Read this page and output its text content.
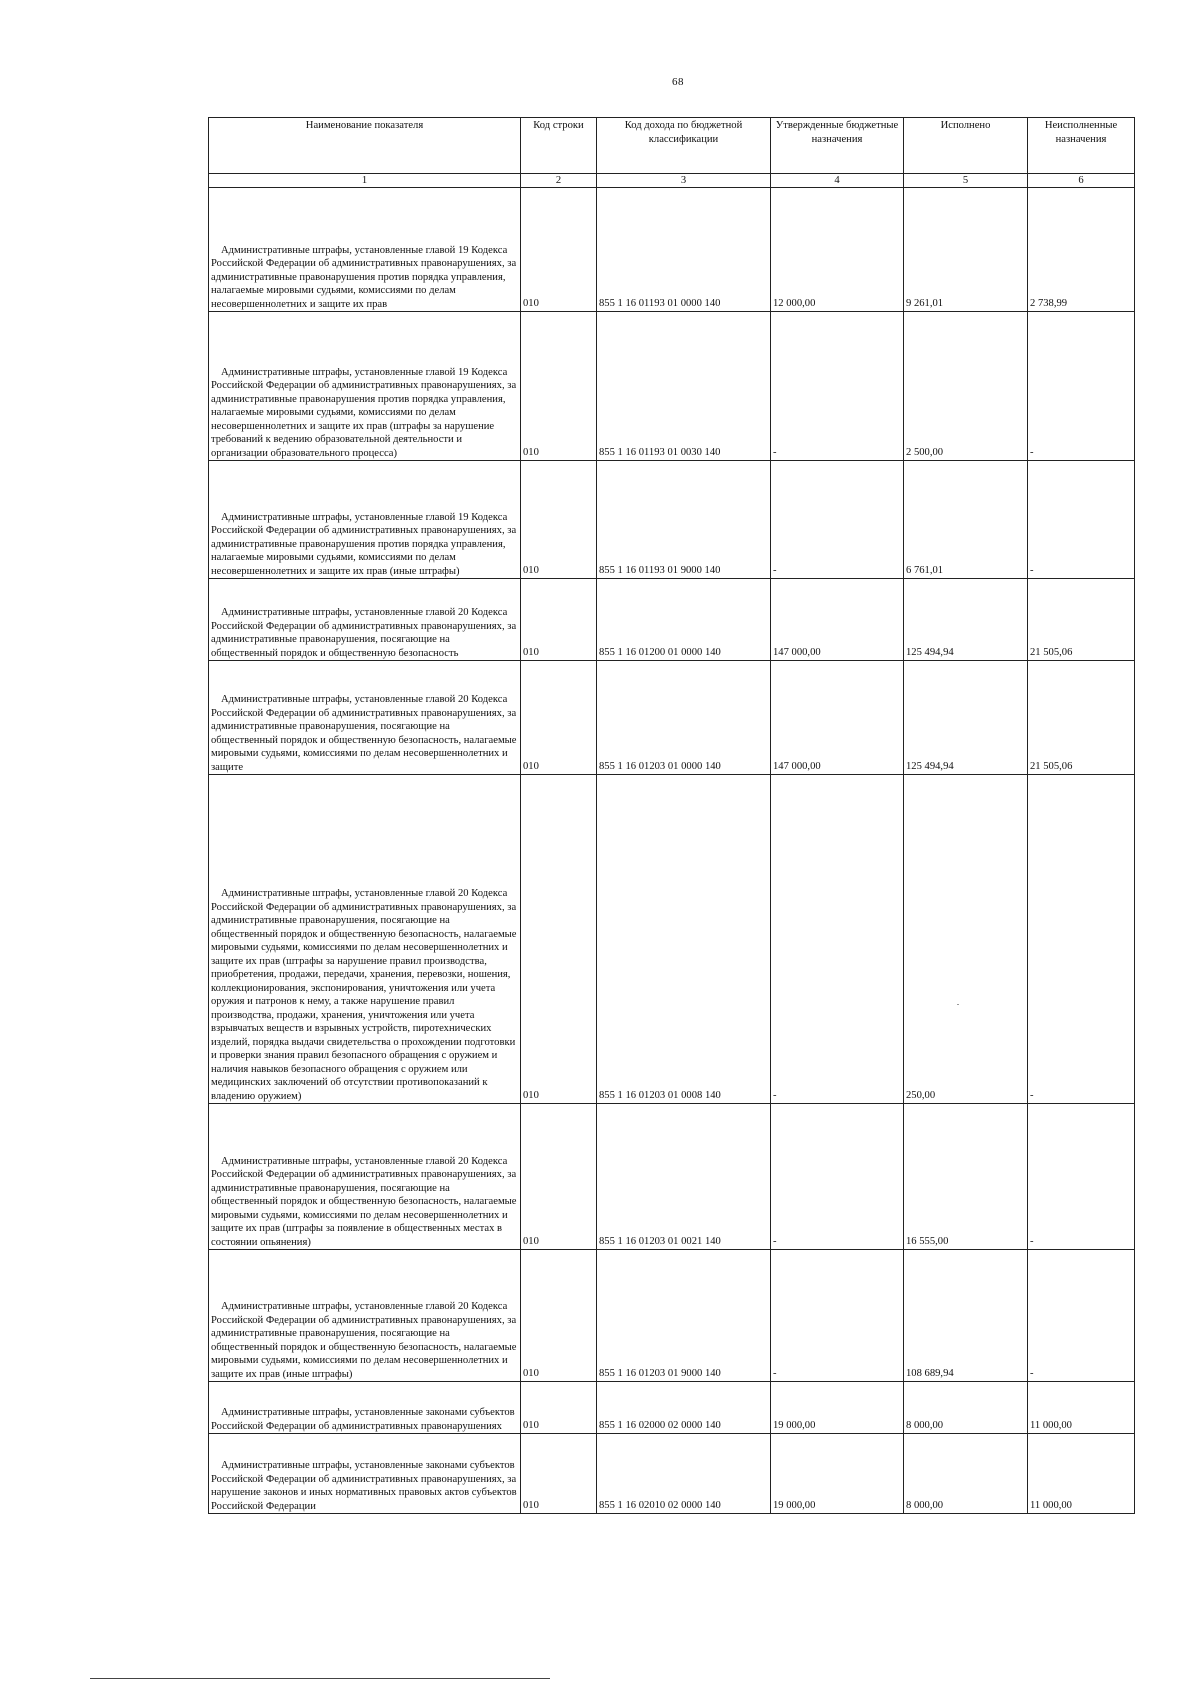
68
Наименование показателя	Код строки	Код дохода по бюджетной классификации	Утвержденные бюджетные назначения	Исполнено	Неисполненные назначения
1	2	3	4	5	6
Административные штрафы, установленные главой 19 Кодекса Российской Федерации об административных правонарушениях, за административные правонарушения против порядка управления, налагаемые мировыми судьями, комиссиями по делам несовершеннолетних и защите их прав	010	855 1 16 01193 01 0000 140	12 000,00	9 261,01	2 738,99
Административные штрафы, установленные главой 19 Кодекса Российской Федерации об административных правонарушениях, за административные правонарушения против порядка управления, налагаемые мировыми судьями, комиссиями по делам несовершеннолетних и защите их прав (штрафы за нарушение требований к ведению образовательной деятельности и организации образовательного процесса)	010	855 1 16 01193 01 0030 140	-	2 500,00	-
Административные штрафы, установленные главой 19 Кодекса Российской Федерации об административных правонарушениях, за административные правонарушения против порядка управления, налагаемые мировыми судьями, комиссиями по делам несовершеннолетних и защите их прав (иные штрафы)	010	855 1 16 01193 01 9000 140	-	6 761,01	-
Административные штрафы, установленные главой 20 Кодекса Российской Федерации об административных правонарушениях, за административные правонарушения, посягающие на общественный порядок и общественную безопасность	010	855 1 16 01200 01 0000 140	147 000,00	125 494,94	21 505,06
Административные штрафы, установленные главой 20 Кодекса Российской Федерации об административных правонарушениях, за административные правонарушения, посягающие на общественный порядок и общественную безопасность, налагаемые мировыми судьями, комиссиями по делам несовершеннолетних и защите	010	855 1 16 01203 01 0000 140	147 000,00	125 494,94	21 505,06
Административные штрафы, установленные главой 20 Кодекса Российской Федерации об административных правонарушениях, за административные правонарушения, посягающие на общественный порядок и общественную безопасность, налагаемые мировыми судьями, комиссиями по делам несовершеннолетних и защите их прав (штрафы за нарушение правил производства, приобретения, продажи, передачи, хранения, перевозки, ношения, коллекционирования, экспонирования, уничтожения или учета оружия и патронов к нему, а также нарушение правил производства, продажи, хранения, уничтожения или учета взрывчатых веществ и взрывных устройств, пиротехнических изделий, порядка выдачи свидетельства о прохождении подготовки и проверки знания правил безопасного обращения с оружием и наличия навыков безопасного обращения с оружием или медицинских заключений об отсутствии противопоказаний к владению оружием)	010	855 1 16 01203 01 0008 140	-	250,00	-
Административные штрафы, установленные главой 20 Кодекса Российской Федерации об административных правонарушениях, за административные правонарушения, посягающие на общественный порядок и общественную безопасность, налагаемые мировыми судьями, комиссиями по делам несовершеннолетних и защите их прав (штрафы за появление в общественных местах в состоянии опьянения)	010	855 1 16 01203 01 0021 140	-	16 555,00	-
Административные штрафы, установленные главой 20 Кодекса Российской Федерации об административных правонарушениях, за административные правонарушения, посягающие на общественный порядок и общественную безопасность, налагаемые мировыми судьями, комиссиями по делам несовершеннолетних и защите их прав (иные штрафы)	010	855 1 16 01203 01 9000 140	-	108 689,94	-
Административные штрафы, установленные законами субъектов Российской Федерации об административных правонарушениях	010	855 1 16 02000 02 0000 140	19 000,00	8 000,00	11 000,00
Административные штрафы, установленные законами субъектов Российской Федерации об административных правонарушениях, за нарушение законов и иных нормативных правовых актов субъектов Российской Федерации	010	855 1 16 02010 02 0000 140	19 000,00	8 000,00	11 000,00
